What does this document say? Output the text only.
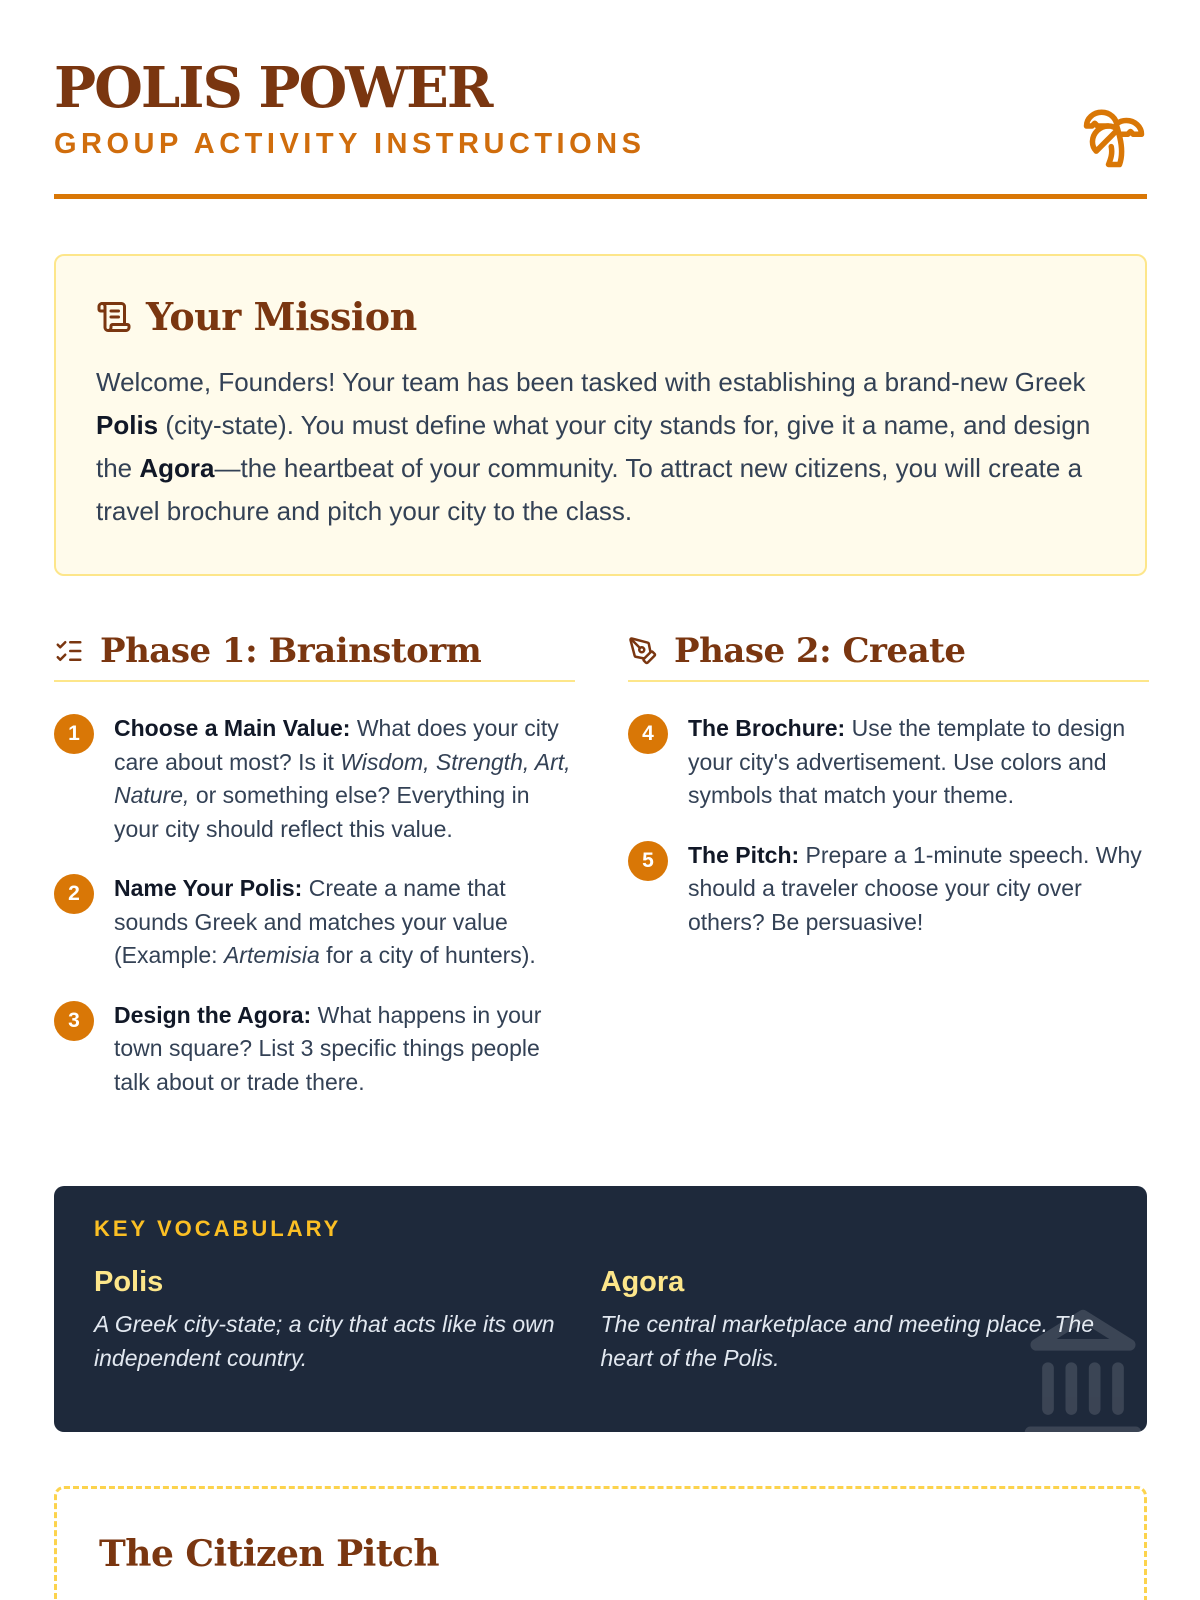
POLIS POWER
GROUP ACTIVITY INSTRUCTIONS
Your Mission

Welcome, Founders! Your team has been tasked with establishing a brand-new Greek Polis (city-state). You must define what your city stands for, give it a name, and design the Agora—the heartbeat of your community. To attract new citizens, you will create a travel brochure and pitch your city to the class.

Phase 1: Brainstorm
1	Choose a Main Value: What does your city care about most? Is it Wisdom, Strength, Art, Nature, or something else? Everything in your city should reflect this value.
2	Name Your Polis: Create a name that sounds Greek and matches your value (Example: Artemisia for a city of hunters).
3	Design the Agora: What happens in your town square? List 3 specific things people talk about or trade there.
Phase 2: Create
4	The Brochure: Use the template to design your city's advertisement. Use colors and symbols that match your theme.
5	The Pitch: Prepare a 1-minute speech. Why should a traveler choose your city over others? Be persuasive!
KEY VOCABULARY
Polis

A Greek city-state; a city that acts like its own independent country.

Agora

The central marketplace and meeting place. The heart of the Polis.

The Citizen Pitch
